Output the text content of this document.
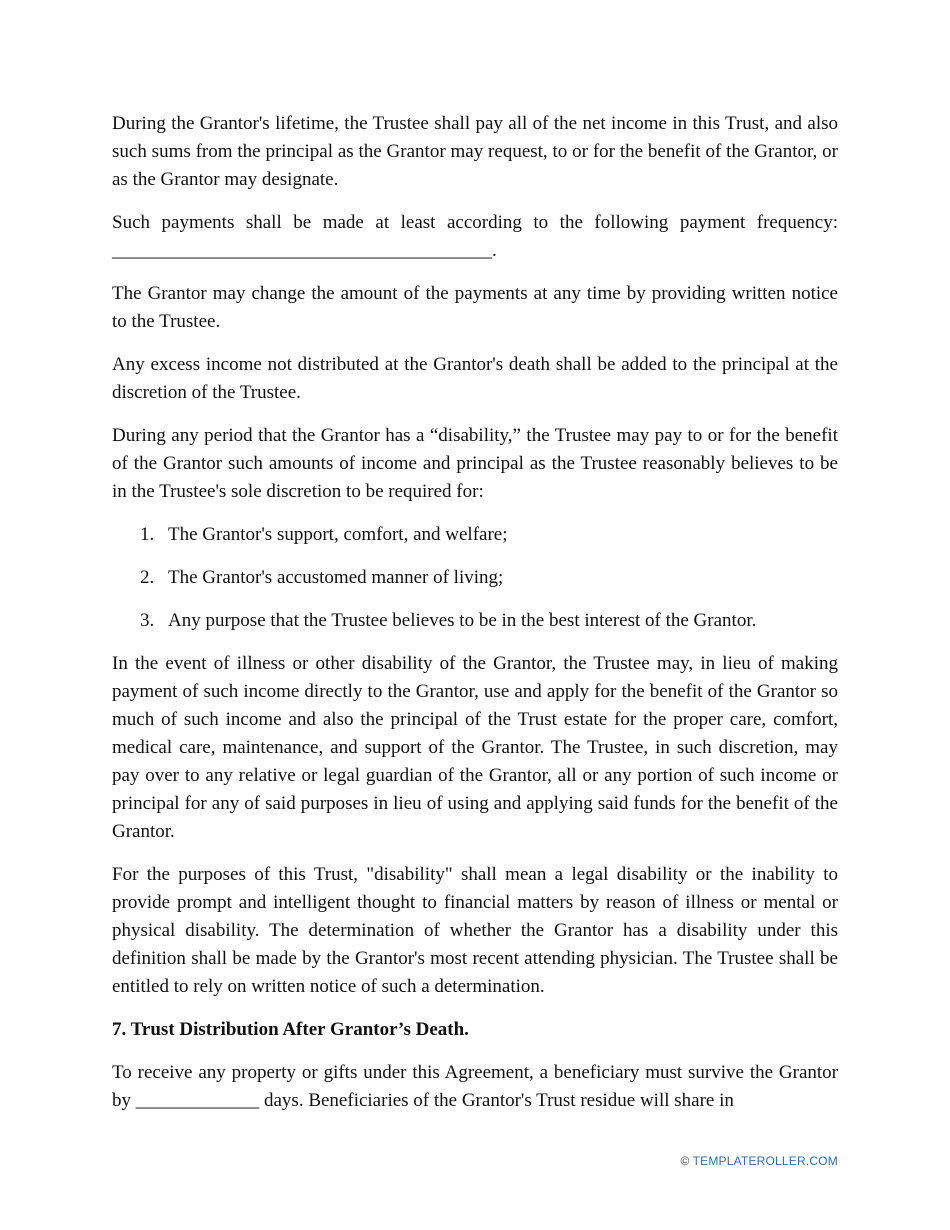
During the Grantor's lifetime, the Trustee shall pay all of the net income in this Trust, and also such sums from the principal as the Grantor may request, to or for the benefit of the Grantor, or as the Grantor may designate.

Such payments shall be made at least according to the following payment frequency:

________________________________________.

The Grantor may change the amount of the payments at any time by providing written notice to the Trustee.

Any excess income not distributed at the Grantor's death shall be added to the principal at the discretion of the Trustee.

During any period that the Grantor has a “disability,” the Trustee may pay to or for the benefit of the Grantor such amounts of income and principal as the Trustee reasonably believes to be in the Trustee's sole discretion to be required for:

1. The Grantor's support, comfort, and welfare;
2. The Grantor's accustomed manner of living;
3. Any purpose that the Trustee believes to be in the best interest of the Grantor.

In the event of illness or other disability of the Grantor, the Trustee may, in lieu of making payment of such income directly to the Grantor, use and apply for the benefit of the Grantor so much of such income and also the principal of the Trust estate for the proper care, comfort, medical care, maintenance, and support of the Grantor. The Trustee, in such discretion, may pay over to any relative or legal guardian of the Grantor, all or any portion of such income or principal for any of said purposes in lieu of using and applying said funds for the benefit of the Grantor.

For the purposes of this Trust, "disability" shall mean a legal disability or the inability to provide prompt and intelligent thought to financial matters by reason of illness or mental or physical disability. The determination of whether the Grantor has a disability under this definition shall be made by the Grantor's most recent attending physician. The Trustee shall be entitled to rely on written notice of such a determination.

7. Trust Distribution After Grantor’s Death.

To receive any property or gifts under this Agreement, a beneficiary must survive the Grantor by _____________ days. Beneficiaries of the Grantor's Trust residue will share in

© TEMPLATEROLLER.COM
